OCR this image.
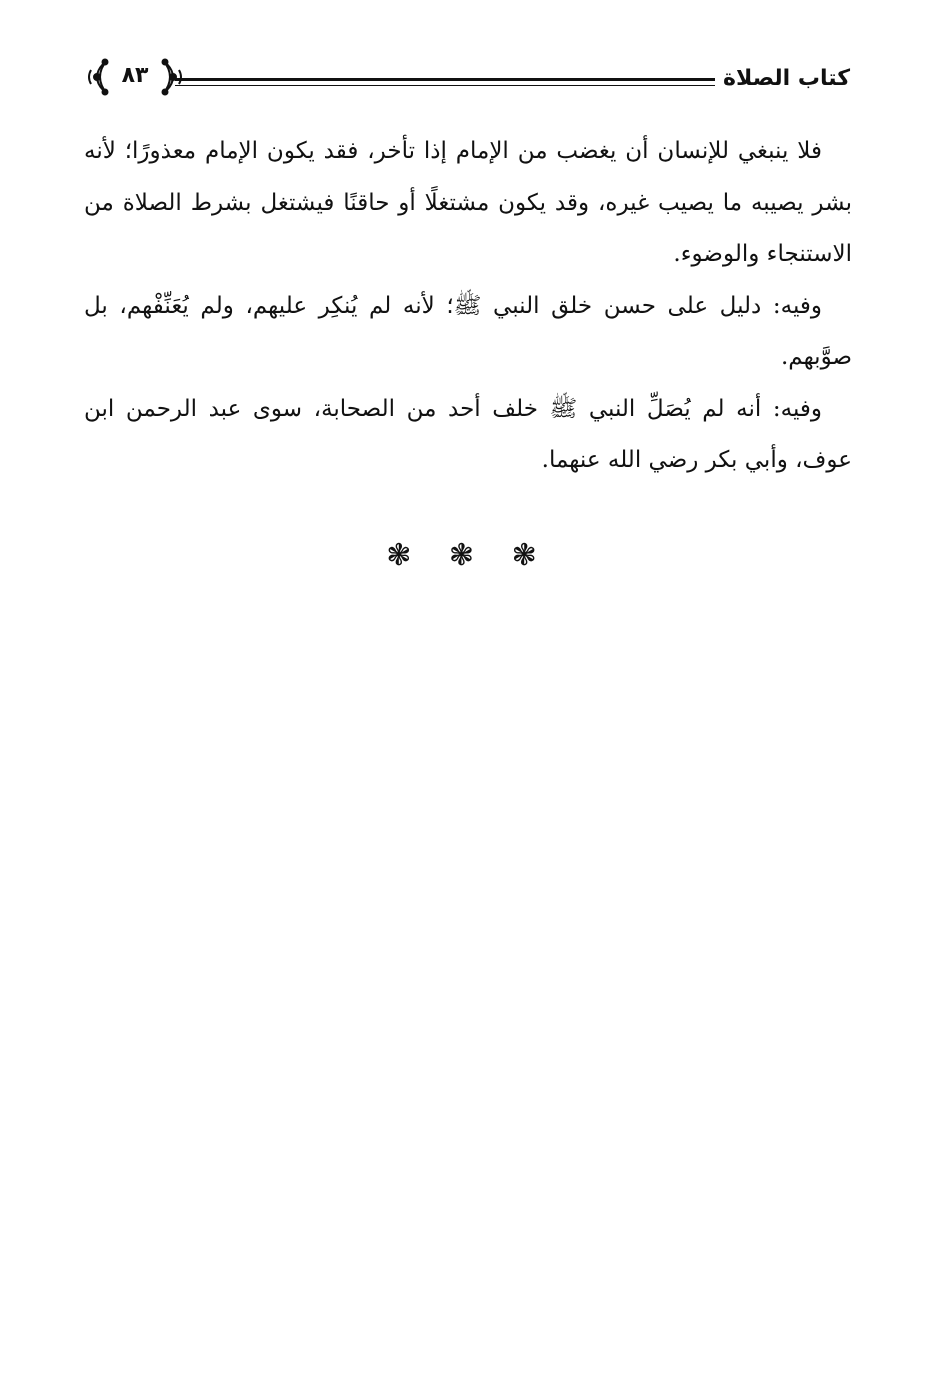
كتاب الصلاة
٨٣

فلا ينبغي للإنسان أن يغضب من الإمام إذا تأخر، فقد يكون الإمام معذورًا؛ لأنه بشر يصيبه ما يصيب غيره، وقد يكون مشتغلًا أو حاقنًا فيشتغل بشرط الصلاة من الاستنجاء والوضوء.

وفيه: دليل على حسن خلق النبي ﷺ؛ لأنه لم يُنكِر عليهم، ولم يُعَنِّفْهم، بل صوَّبهم.

وفيه: أنه لم يُصَلِّ النبي ﷺ خلف أحد من الصحابة، سوى عبد الرحمن ابن عوف، وأبي بكر رضي الله عنهما.

❃ ❃ ❃
